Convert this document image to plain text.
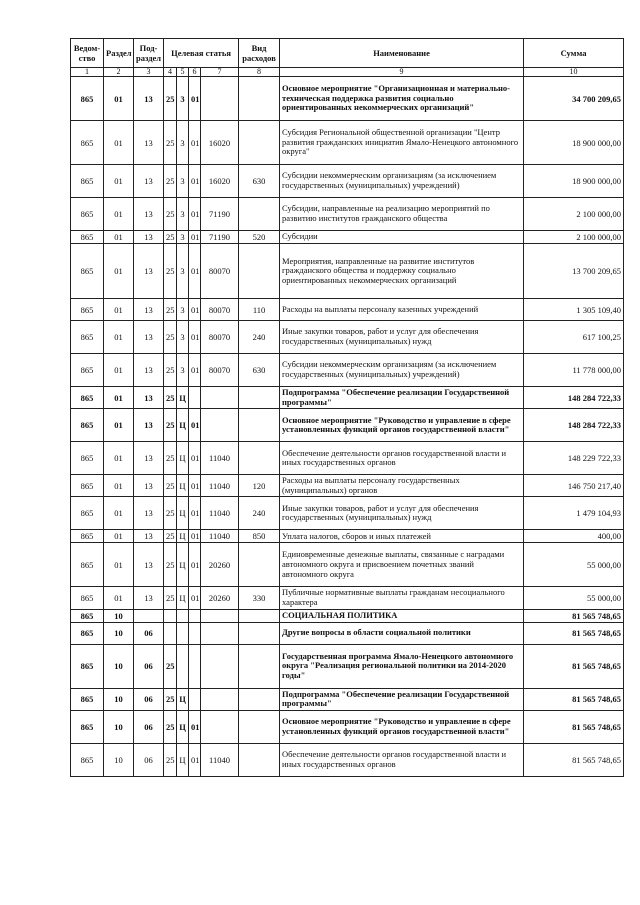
Ведом-ство	Раздел	Под-раздел	Целевая статья				Вид расходов	Наименование	Сумма
1	2	3	4	5	6	7	8	9	10
865	01	13	25	3	01			Основное мероприятие "Организационная и материально-техническая поддержка развития социально ориентированных некоммерческих организаций"	34 700 209,65
865	01	13	25	3	01	16020		Субсидия Региональной общественной организации "Центр развития гражданских инициатив Ямало-Ненецкого автономного округа"	18 900 000,00
865	01	13	25	3	01	16020	630	Субсидии некоммерческим организациям (за исключением государственных (муниципальных) учреждений)	18 900 000,00
865	01	13	25	3	01	71190		Субсидии, направленные на реализацию мероприятий по развитию институтов гражданского общества	2 100 000,00
865	01	13	25	3	01	71190	520	Субсидии	2 100 000,00
865	01	13	25	3	01	80070		Мероприятия, направленные на развитие институтов гражданского общества и поддержку социально ориентированных некоммерческих организаций	13 700 209,65
865	01	13	25	3	01	80070	110	Расходы на выплаты персоналу казенных учреждений	1 305 109,40
865	01	13	25	3	01	80070	240	Иные закупки товаров, работ и услуг для обеспечения государственных (муниципальных) нужд	617 100,25
865	01	13	25	3	01	80070	630	Субсидии некоммерческим организациям (за исключением государственных (муниципальных) учреждений)	11 778 000,00
865	01	13	25	Ц				Подпрограмма "Обеспечение реализации Государственной программы"	148 284 722,33
865	01	13	25	Ц	01			Основное мероприятие "Руководство и управление в сфере установленных функций органов государственной власти"	148 284 722,33
865	01	13	25	Ц	01	11040		Обеспечение деятельности органов государственной власти и иных государственных органов	148 229 722,33
865	01	13	25	Ц	01	11040	120	Расходы на выплаты персоналу государственных (муниципальных) органов	146 750 217,40
865	01	13	25	Ц	01	11040	240	Иные закупки товаров, работ и услуг для обеспечения государственных (муниципальных) нужд	1 479 104,93
865	01	13	25	Ц	01	11040	850	Уплата налогов, сборов и иных платежей	400,00
865	01	13	25	Ц	01	20260		Единовременные денежные выплаты, связанные с наградами автономного округа и присвоением почетных званий автономного округа	55 000,00
865	01	13	25	Ц	01	20260	330	Публичные нормативные выплаты гражданам несоциального характера	55 000,00
865	10							СОЦИАЛЬНАЯ ПОЛИТИКА	81 565 748,65
865	10	06						Другие вопросы в области социальной политики	81 565 748,65
865	10	06	25					Государственная программа Ямало-Ненецкого автономного округа "Реализация региональной политики на 2014-2020 годы"	81 565 748,65
865	10	06	25	Ц				Подпрограмма "Обеспечение реализации Государственной программы"	81 565 748,65
865	10	06	25	Ц	01			Основное мероприятие "Руководство и управление в сфере установленных функций органов государственной власти"	81 565 748,65
865	10	06	25	Ц	01	11040		Обеспечение деятельности органов государственной власти и иных государственных органов	81 565 748,65
